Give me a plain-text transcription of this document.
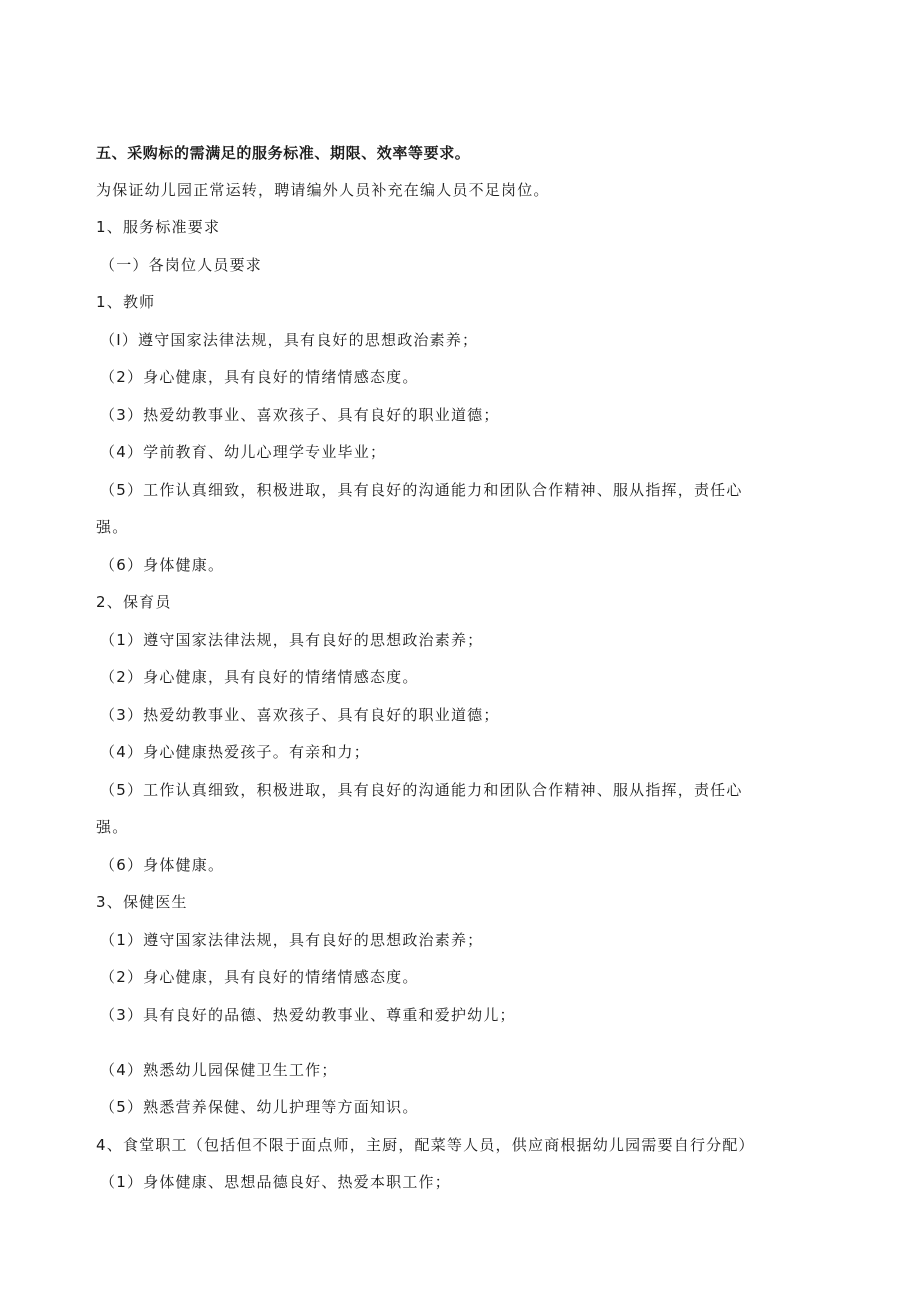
五、采购标的需满足的服务标准、期限、效率等要求。
为保证幼儿园正常运转，聘请编外人员补充在编人员不足岗位。
1、服务标准要求
（一）各岗位人员要求
1、教师
（I）遵守国家法律法规，具有良好的思想政治素养；
（2）身心健康，具有良好的情绪情感态度。
（3）热爱幼教事业、喜欢孩子、具有良好的职业道德；
（4）学前教育、幼儿心理学专业毕业；
（5）工作认真细致，积极进取，具有良好的沟通能力和团队合作精神、服从指挥，责任心
强。
（6）身体健康。
2、保育员
（1）遵守国家法律法规，具有良好的思想政治素养；
（2）身心健康，具有良好的情绪情感态度。
（3）热爱幼教事业、喜欢孩子、具有良好的职业道德；
（4）身心健康热爱孩子。有亲和力；
（5）工作认真细致，积极进取，具有良好的沟通能力和团队合作精神、服从指挥，责任心
强。
（6）身体健康。
3、保健医生
（1）遵守国家法律法规，具有良好的思想政治素养；
（2）身心健康，具有良好的情绪情感态度。
（3）具有良好的品德、热爱幼教事业、尊重和爱护幼儿；
（4）熟悉幼儿园保健卫生工作；
（5）熟悉营养保健、幼儿护理等方面知识。
4、食堂职工（包括但不限于面点师，主厨，配菜等人员，供应商根据幼儿园需要自行分配）
（1）身体健康、思想品德良好、热爱本职工作；
